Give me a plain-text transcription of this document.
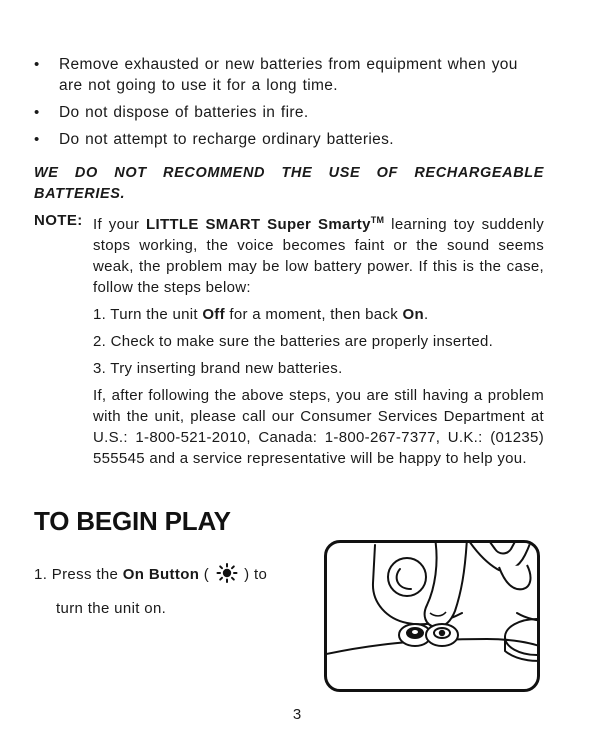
• Remove exhausted or new batteries from equipment when you are not going to use it for a long time.
• Do not dispose of batteries in fire.
• Do not attempt to recharge ordinary batteries.
WE DO NOT RECOMMEND THE USE OF RECHARGEABLE BATTERIES.
NOTE: If your LITTLE SMART Super Smarty™ learning toy suddenly stops working, the voice becomes faint or the sound seems weak, the problem may be low battery power. If this is the case, follow the steps below:

1. Turn the unit Off for a moment, then back On.

2. Check to make sure the batteries are properly inserted.

3. Try inserting brand new batteries.

If, after following the above steps, you are still having a problem with the unit, please call our Consumer Services Department at U.S.: 1-800-521-2010, Canada: 1-800-267-7377, U.K.: (01235) 555545 and a service representative will be happy to help you.

TO BEGIN PLAY
1. Press the On Button (  ) to
turn the unit on.
3
